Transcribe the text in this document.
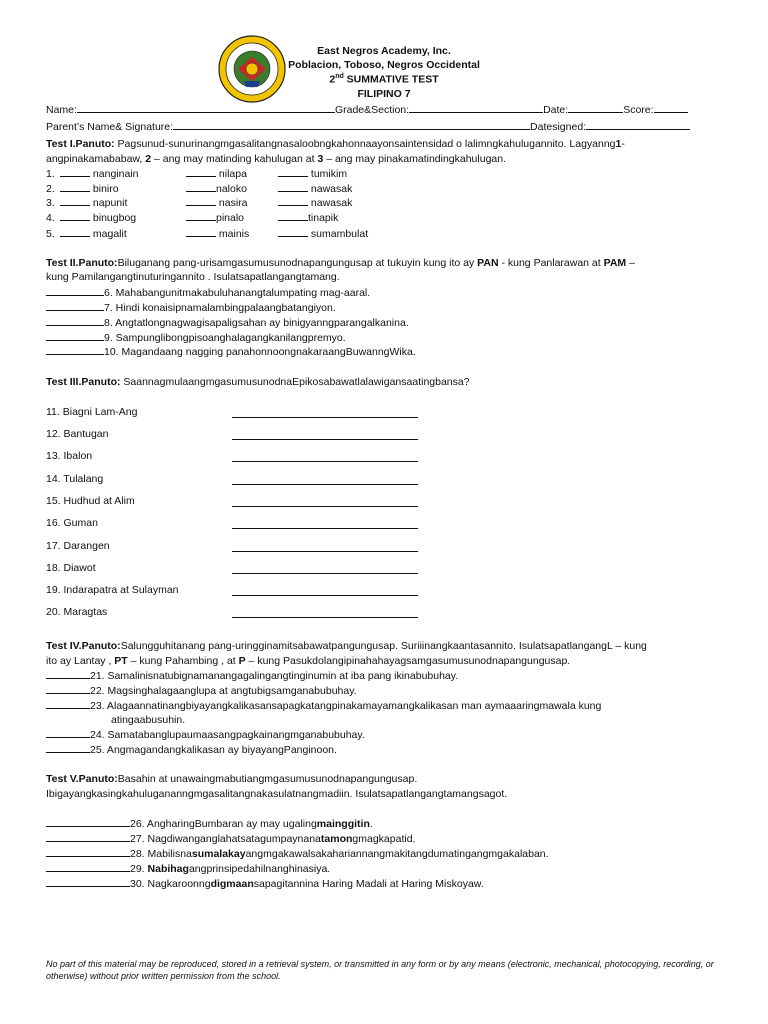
East Negros Academy, Inc.
Poblacion, Toboso, Negros Occidental
2nd SUMMATIVE TEST
FILIPINO 7
Name:	Grade&Section:	Date:	Score:
Parent’s Name& Signature:	Datesigned:
Test I.Panuto: Pagsunud-sunurinangmgasalitangnasaloobngkahonnaayonsaintensidad o lalimngkahulugannito. Lagyanng1-
angpinakamababaw, 2 – ang may matinding kahulugan at 3 – ang may pinakamatindingkahulugan.
1.	nanginain	nilapa	tumikim
2.	biniro	naloko	nawasak
3.	napunit	nasira	nawasak
4.	binugbog	pinalo	tinapik
5.	magalit	mainis	sumambulat
Test II.Panuto:Biluganang pang-urisamgasumusunodnapangungusap at tukuyin kung ito ay PAN - kung Panlarawan at PAM –
kung Pamilangangtinuturingannito . Isulatsapatlangangtamang.
6. Mahabangunitmakabuluhanangtalumpating mag-aaral.
7. Hindi konaisipnamalambingpalaangbatangiyon.
8. Angtatlongnagwagisapaligsahan ay binigyanngparangalkanina.
9. Sampunglibongpisoanghalagangkanilangpremyo.
10. Magandaang nagging panahonnoongnakaraangBuwanngWika.
Test III.Panuto: SaannagmulaangmgasumusunodnaEpikosabawatlalawigansaatingbansa?
11. Biagni Lam-Ang
12. Bantugan
13. Ibalon
14. Tulalang
15. Hudhud at Alim
16. Guman
17. Darangen
18. Diawot
19. Indarapatra at Sulayman
20. Maragtas
Test IV.Panuto:Salungguhitanang pang-uringginamitsabawatpangungusap. Suriiinangkaantasannito. IsulatsapatlangangL – kung
ito ay Lantay , PT – kung Pahambing , at P – kung Pasukdolangipinahahayagsamgasumusunodnapangungusap.
21. Samalinisnatubignamanangagalingangtinginumin at iba pang ikinabubuhay.
22. Magsinghalagaanglupa at angtubigsamganabubuhay.
23. Alagaannatinangbiyayangkalikasansapagkatangpinakamayamangkalikasan man aymaaaringmawala kung
atingaabusuhin.
24. Samatabanglupaumaasangpagkainangmganabubuhay.
25. Angmagandangkalikasan ay biyayangPanginoon.
Test V.Panuto:Basahin at unawaingmabutiangmgasumusunodnapangungusap.
Ibigayangkasingkahulugananngmgasalitangnakasulatnangmadiin. Isulatsapatlangangtamangsagot.
26. AngharingBumbaran ay may ugalingmainggitin.
27. Nagdiwanganglahatsatagumpaynanatamongmagkapatid.
28. Mabilisnasumalakayangmgakawalsakahariannangmakitangdumatingangmgakalaban.
29. Nabihagangprinsipedahilnanghinasiya.
30. Nagkaroonngdigmaansapagitannina Haring Madali at Haring Miskoyaw.
No part of this material may be reproduced, stored in a retrieval system, or transmitted in any form or by any means (electronic, mechanical, photocopying, recording, or otherwise) without prior written permission from the school.
